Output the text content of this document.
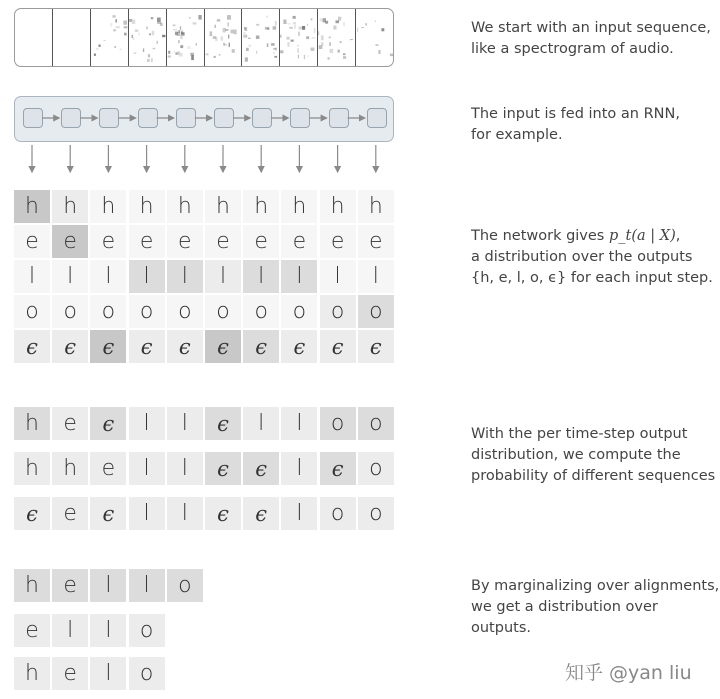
h	h	h	h	h	h	h	h	h	h
e	e	e	e	e	e	e	e	e	e
l	l	l	l	l	l	l	l	l	l
o	o	o	o	o	o	o	o	o	o
ϵ	ϵ	ϵ	ϵ	ϵ	ϵ	ϵ	ϵ	ϵ	ϵ
h	e	ϵ	l	l	ϵ	l	l	o	o
h	h	e	l	l	ϵ	ϵ	l	ϵ	o
ϵ	e	ϵ	l	l	ϵ	ϵ	l	o	o
h	e	l	l	o
e	l	l	o
h	e	l	o
We start with an input sequence,
like a spectrogram of audio.
The input is fed into an RNN,
for example.
The network gives p_t(a | X),
a distribution over the outputs
{h, e, l, o, ϵ} for each input step.
With the per time-step output
distribution, we compute the
probability of different sequences
By marginalizing over alignments,
we get a distribution over outputs.
知乎 @yan liu
